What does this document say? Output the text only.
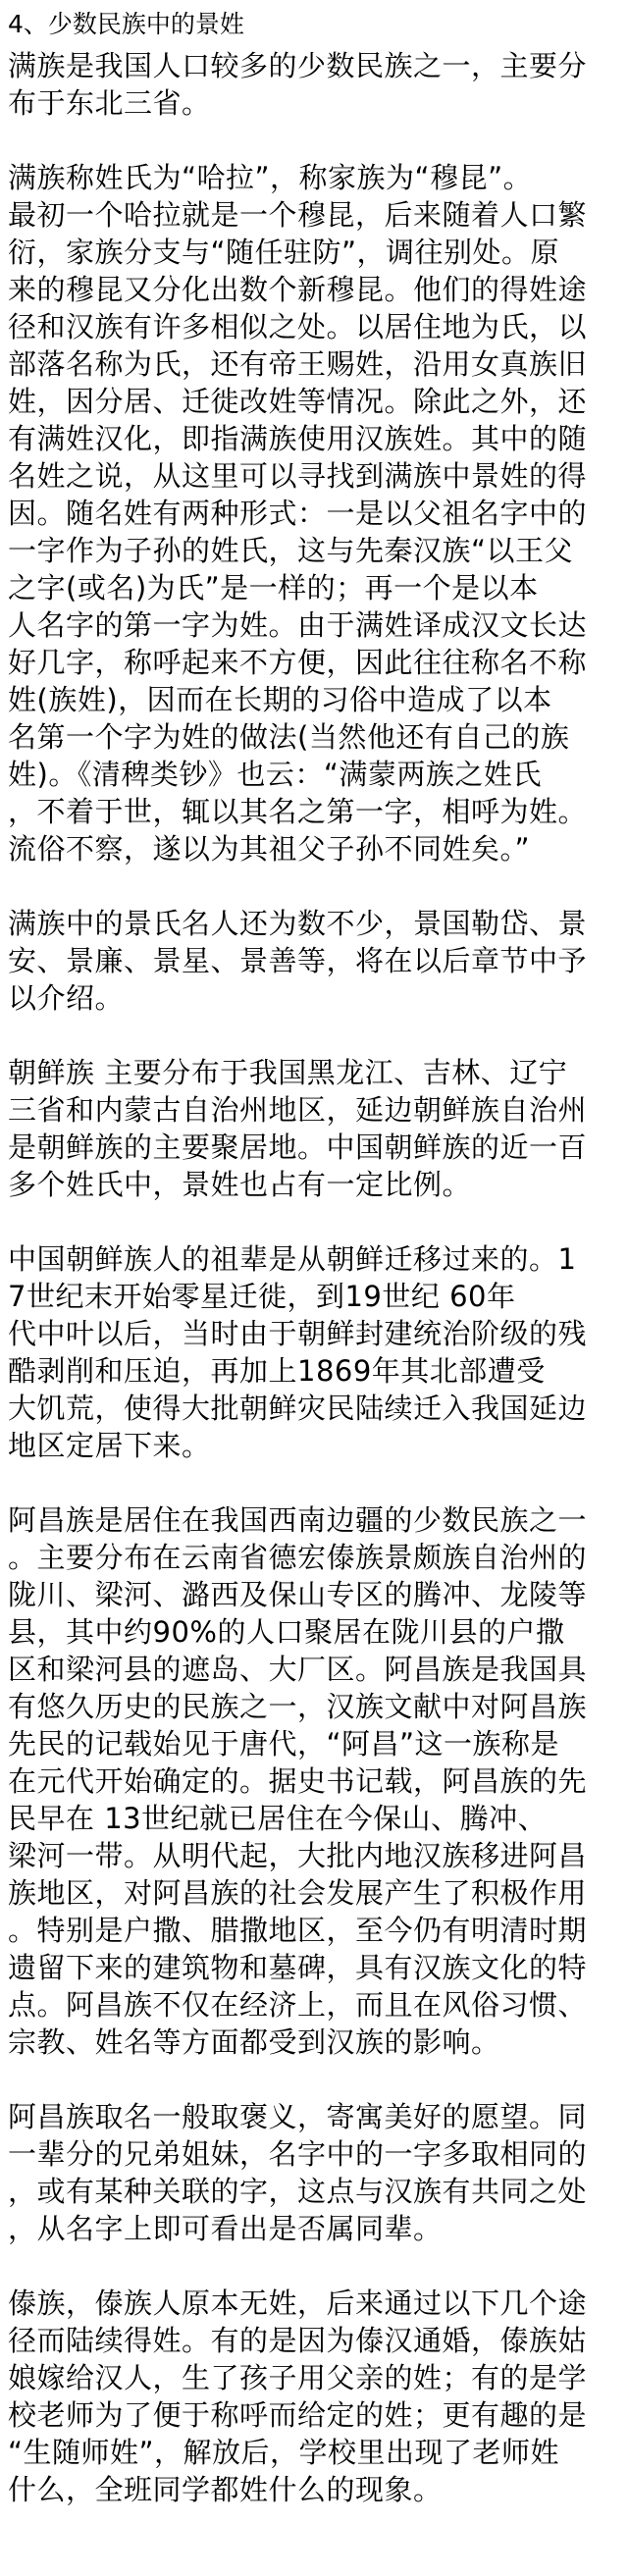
4、少数民族中的景姓
满族是我国人口较多的少数民族之一，主要分
布于东北三省。
满族称姓氏为“哈拉”，称家族为“穆昆”。
最初一个哈拉就是一个穆昆，后来随着人口繁
衍，家族分支与“随任驻防”，调往别处。原
来的穆昆又分化出数个新穆昆。他们的得姓途
径和汉族有许多相似之处。以居住地为氏，以
部落名称为氏，还有帝王赐姓，沿用女真族旧
姓，因分居、迁徙改姓等情况。除此之外，还
有满姓汉化，即指满族使用汉族姓。其中的随
名姓之说，从这里可以寻找到满族中景姓的得
因。随名姓有两种形式：一是以父祖名字中的
一字作为子孙的姓氏，这与先秦汉族“以王父
之字(或名)为氏”是一样的；再一个是以本
人名字的第一字为姓。由于满姓译成汉文长达
好几字，称呼起来不方便，因此往往称名不称
姓(族姓)，因而在长期的习俗中造成了以本
名第一个字为姓的做法(当然他还有自己的族
姓)。《清稗类钞》也云：“满蒙两族之姓氏
，不着于世，辄以其名之第一字，相呼为姓。
流俗不察，遂以为其祖父子孙不同姓矣。”
满族中的景氏名人还为数不少，景国勒岱、景
安、景廉、景星、景善等，将在以后章节中予
以介绍。
朝鲜族 主要分布于我国黑龙江、吉林、辽宁
三省和内蒙古自治州地区，延边朝鲜族自治州
是朝鲜族的主要聚居地。中国朝鲜族的近一百
多个姓氏中，景姓也占有一定比例。
中国朝鲜族人的祖辈是从朝鲜迁移过来的。1
7世纪末开始零星迁徙，到19世纪 60年
代中叶以后，当时由于朝鲜封建统治阶级的残
酷剥削和压迫，再加上1869年其北部遭受
大饥荒，使得大批朝鲜灾民陆续迁入我国延边
地区定居下来。
阿昌族是居住在我国西南边疆的少数民族之一
。主要分布在云南省德宏傣族景颇族自治州的
陇川、梁河、潞西及保山专区的腾冲、龙陵等
县，其中约90%的人口聚居在陇川县的户撒
区和梁河县的遮岛、大厂区。阿昌族是我国具
有悠久历史的民族之一，汉族文献中对阿昌族
先民的记载始见于唐代，“阿昌”这一族称是
在元代开始确定的。据史书记载，阿昌族的先
民早在 13世纪就已居住在今保山、腾冲、
梁河一带。从明代起，大批内地汉族移进阿昌
族地区，对阿昌族的社会发展产生了积极作用
。特别是户撒、腊撒地区，至今仍有明清时期
遗留下来的建筑物和墓碑，具有汉族文化的特
点。阿昌族不仅在经济上，而且在风俗习惯、
宗教、姓名等方面都受到汉族的影响。
阿昌族取名一般取褒义，寄寓美好的愿望。同
一辈分的兄弟姐妹，名字中的一字多取相同的
，或有某种关联的字，这点与汉族有共同之处
，从名字上即可看出是否属同辈。
傣族，傣族人原本无姓，后来通过以下几个途
径而陆续得姓。有的是因为傣汉通婚，傣族姑
娘嫁给汉人，生了孩子用父亲的姓；有的是学
校老师为了便于称呼而给定的姓；更有趣的是
“生随师姓”，解放后，学校里出现了老师姓
什么，全班同学都姓什么的现象。
